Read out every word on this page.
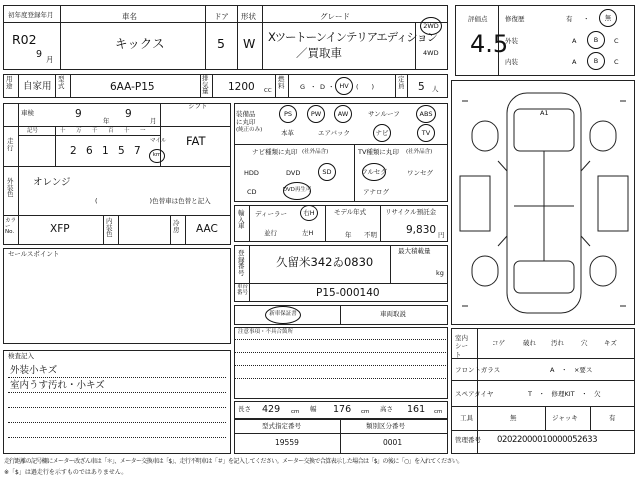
初年度登録年月
R02
9 月
車名
キックス
ドア
5
形状
W
グレード
Xツートーンインテリアエディション
／買取車
2WD
4WD
評価点
4.5
修復歴	有 ・	無
外装	A	B	C
内装	A	B	C
用途 自家用
型式	6AA-P15
排気量 1200 CC
燃料 G ・ D ・ HV	(　　)
定員 5 人
車検	9
年
9
月
シフト
FAT
走行
記号	十 万 千 百 十 一
2 6 1 5 7
マイル
km
外装色
オレンジ
(　　　　　　　　)色替車は色替と記入
カラーNo.	XFP
内装色
冷房 AAC
セールスポイント
検査記入
外装小キズ
室内うす汚れ・小キズ
装備品に丸印
(純正のみ)
PS	PW	AW	サンルーフ	ABS
本革	エアバック	ナビ	TV
ナビ種類に丸印 (社外品含)
HDD	DVD	SD
CD	DVD再生可
TV種類に丸印 (社外品含)
フルセグ	ワンセグ
アナログ
輸入車
ディーラー	右H
並行	左H
モデル年式
年 不明
リサイクル預託金
9,830 円
登録番号
久留米342ゐ0830
最大積載量
kg
車台番号	P15-000140
新車保証書	車両取説
注意事項・不具合箇所
長さ 429 cm 幅 176 cm 高さ 161 cm
型式指定番号
19559
類別区分番号
0001
A1
室内シート
コゲ	破れ 汚れ	穴	キズ
フロントガラス	A　・　×要ス
スペアタイヤ	T　・　修理KIT　・　欠
工具	無	ジャッキ	有
管理番号 0202200001000005263​3
走行距離の記号欄にメーター改ざん車は「＊」、メーター交換車は「$」、走行不明車は「＃」を記入してください。メーター交換で合算表示した場合は「$」の後に「○」を入れてください。
※「$」は過走行を示すものではありません。
